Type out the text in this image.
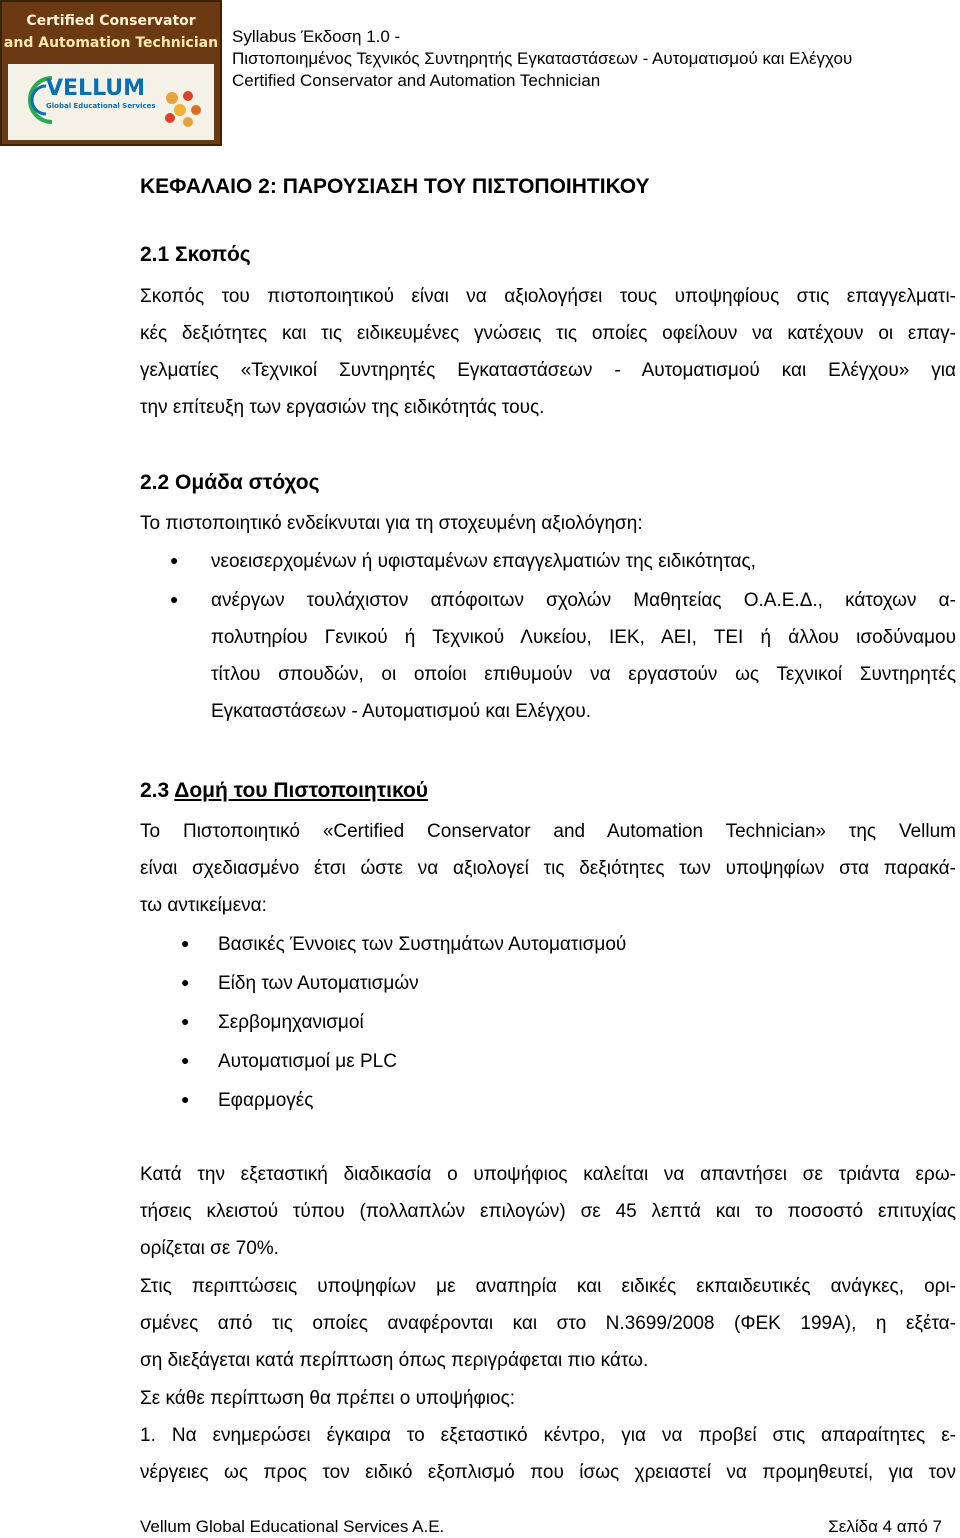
Certified Conservator
and Automation Technician
VELLUM
Global Educational Services
Syllabus Έκδοση 1.0 -
Πιστοποιημένος Τεχνικός Συντηρητής Εγκαταστάσεων - Αυτοματισμού και Ελέγχου
Certified Conservator and Automation Technician
ΚΕΦΑΛΑΙΟ 2: ΠΑΡΟΥΣΙΑΣΗ ΤΟΥ ΠΙΣΤΟΠΟΙΗΤΙΚΟΥ
2.1 Σκοπός
Σκοπός του πιστοποιητικού είναι να αξιολογήσει τους υποψηφίους στις επαγγελματι-
κές δεξιότητες και τις ειδικευμένες γνώσεις τις οποίες οφείλουν να κατέχουν οι επαγ-
γελματίες «Τεχνικοί Συντηρητές Εγκαταστάσεων - Αυτοματισμού και Ελέγχου» για
την επίτευξη των εργασιών της ειδικότητάς τους.
2.2 Ομάδα στόχος
Το πιστοποιητικό ενδείκνυται για τη στοχευμένη αξιολόγηση:
● νεοεισερχομένων ή υφισταμένων επαγγελματιών της ειδικότητας,
● ανέργων τουλάχιστον απόφοιτων σχολών Μαθητείας Ο.Α.Ε.Δ., κάτοχων α-
πολυτηρίου Γενικού ή Τεχνικού Λυκείου, ΙΕΚ, ΑΕΙ, ΤΕΙ ή άλλου ισοδύναμου
τίτλου σπουδών, οι οποίοι επιθυμούν να εργαστούν ως Τεχνικοί Συντηρητές
Εγκαταστάσεων - Αυτοματισμού και Ελέγχου.
2.3 Δομή του Πιστοποιητικού
Το Πιστοποιητικό «Certified Conservator and Automation Technician» της Vellum
είναι σχεδιασμένο έτσι ώστε να αξιολογεί τις δεξιότητες των υποψηφίων στα παρακά-
τω αντικείμενα:
● Βασικές Έννοιες των Συστημάτων Αυτοματισμού
● Είδη των Αυτοματισμών
● Σερβομηχανισμοί
● Αυτοματισμοί με PLC
● Εφαρμογές
Κατά την εξεταστική διαδικασία ο υποψήφιος καλείται να απαντήσει σε τριάντα ερω-
τήσεις κλειστού τύπου (πολλαπλών επιλογών) σε 45 λεπτά και το ποσοστό επιτυχίας
ορίζεται σε 70%.
Στις περιπτώσεις υποψηφίων με αναπηρία και ειδικές εκπαιδευτικές ανάγκες, ορι-
σμένες από τις οποίες αναφέρονται και στο Ν.3699/2008 (ΦΕΚ 199Α), η εξέτα-
ση διεξάγεται κατά περίπτωση όπως περιγράφεται πιο κάτω.
Σε κάθε περίπτωση θα πρέπει ο υποψήφιος:
1. Να ενημερώσει έγκαιρα το εξεταστικό κέντρο, για να προβεί στις απαραίτητες ε-
νέργειες ως προς τον ειδικό εξοπλισμό που ίσως χρειαστεί να προμηθευτεί, για τον
Vellum Global Educational Services A.E.	Σελίδα 4 από 7
